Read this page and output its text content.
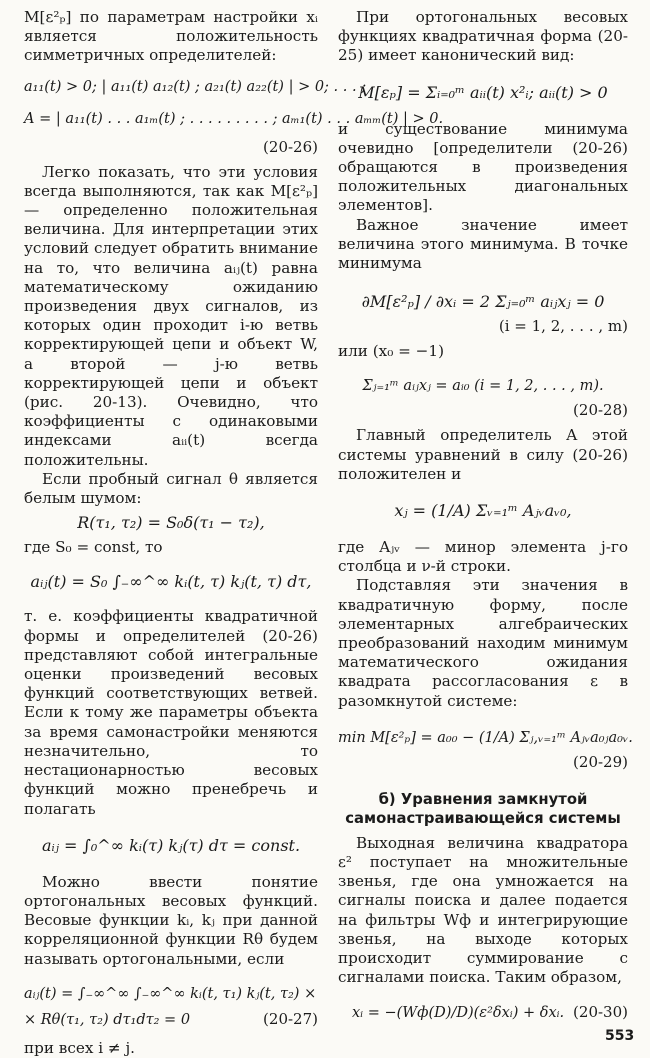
M[ε²ₚ] по параметрам настройки xᵢ является положительность симметричных определителей:

a₁₁(t) > 0; | a₁₁(t) a₁₂(t) ; a₂₁(t) a₂₂(t) | > 0; . . . ;
A = | a₁₁(t) . . . a₁ₘ(t) ; . . . . . . . . . ; aₘ₁(t) . . . aₘₘ(t) | > 0.
(20-26)

Легко показать, что эти условия всегда выполняются, так как M[ε²ₚ] — определенно положительная величина. Для интерпретации этих условий следует обратить внимание на то, что величина aᵢⱼ(t) равна математическому ожиданию произведения двух сигналов, из которых один проходит i-ю ветвь корректирующей цепи и объект W, а второй — j-ю ветвь корректирующей цепи и объект (рис. 20-13). Очевидно, что коэффициенты с одинаковыми индексами aᵢᵢ(t) всегда положительны.

Если пробный сигнал θ является белым шумом:

R(τ₁, τ₂) = S₀δ(τ₁ − τ₂),

где S₀ = const, то

aᵢⱼ(t) = S₀ ∫₋∞^∞ kᵢ(t, τ) kⱼ(t, τ) dτ,

т. е. коэффициенты квадратичной формы и определителей (20-26) представляют собой интегральные оценки произведений весовых функций соответствующих ветвей. Если к тому же параметры объекта за время самонастройки меняются незначительно, то нестационарностью весовых функций можно пренебречь и полагать

aᵢⱼ = ∫₀^∞ kᵢ(τ) kⱼ(τ) dτ = const.

Можно ввести понятие ортогональных весовых функций. Весовые функции kᵢ, kⱼ при данной корреляционной функции Rθ будем называть ортогональными, если

aᵢⱼ(t) = ∫₋∞^∞ ∫₋∞^∞ kᵢ(t, τ₁) kⱼ(t, τ₂) ×
× Rθ(τ₁, τ₂) dτ₁dτ₂ = 0	(20-27)

при всех i ≠ j.

При ортогональных весовых функциях квадратичная форма (20-25) имеет канонический вид:

M[εₚ] = Σᵢ₌₀ᵐ aᵢᵢ(t) x²ᵢ; aᵢᵢ(t) > 0

и существование минимума очевидно [определители (20-26) обращаются в произведения положительных диагональных элементов].

Важное значение имеет величина этого минимума. В точке минимума

∂M[ε²ₚ] / ∂xᵢ = 2 Σⱼ₌₀ᵐ aᵢⱼxⱼ = 0
(i = 1, 2, . . . , m)

или (x₀ = −1)

Σⱼ₌₁ᵐ aᵢⱼxⱼ = aᵢ₀ (i = 1, 2, . . . , m).
(20-28)

Главный определитель A этой системы уравнений в силу (20-26) положителен и

xⱼ = (1/A) Σᵥ₌₁ᵐ Aⱼᵥaᵥ₀,

где Aⱼᵥ — минор элемента j-го столбца и ν-й строки.

Подставляя эти значения в квадратичную форму, после элементарных алгебраических преобразований находим минимум математического ожидания квадрата рассогласования ε в разомкнутой системе:

min M[ε²ₚ] = a₀₀ − (1/A) Σⱼ,ᵥ₌₁ᵐ Aⱼᵥa₀ⱼa₀ᵥ.
(20-29)
б) Уравнения замкнутой самонастраивающейся системы

Выходная величина квадратора ε² поступает на множительные звенья, где она умножается на сигналы поиска и далее подается на фильтры Wф и интегрирующие звенья, на выходе которых происходит суммирование с сигналами поиска. Таким образом,

xᵢ = −(Wф(D)/D)(ε²δxᵢ) + δxᵢ. (20-30)
553
